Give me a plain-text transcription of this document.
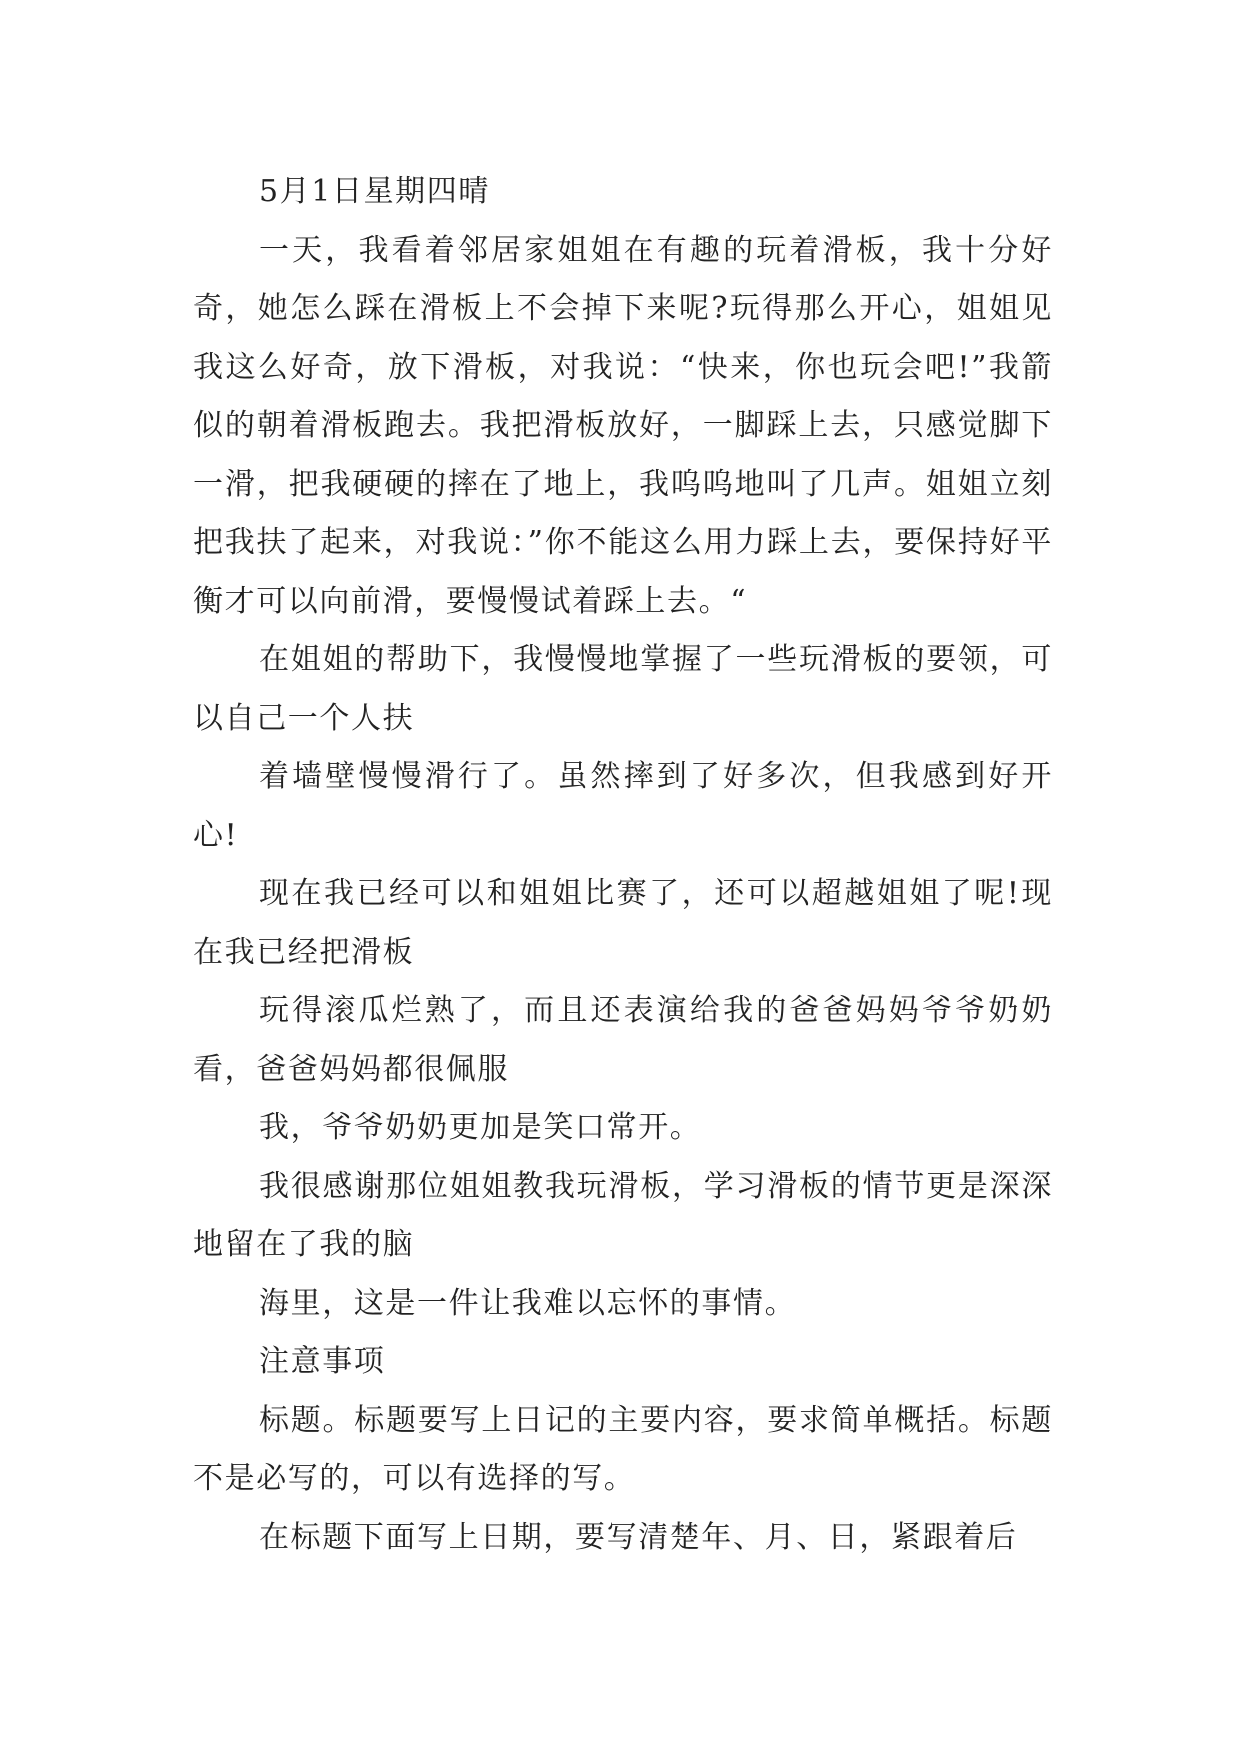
5月1日星期四晴

一天，我看着邻居家姐姐在有趣的玩着滑板，我十分好奇，她怎么踩在滑板上不会掉下来呢?玩得那么开心，姐姐见我这么好奇，放下滑板，对我说：“快来，你也玩会吧!”我箭似的朝着滑板跑去。我把滑板放好，一脚踩上去，只感觉脚下一滑，把我硬硬的摔在了地上，我呜呜地叫了几声。姐姐立刻把我扶了起来，对我说：”你不能这么用力踩上去，要保持好平衡才可以向前滑，要慢慢试着踩上去。“

在姐姐的帮助下，我慢慢地掌握了一些玩滑板的要领，可以自己一个人扶

着墙壁慢慢滑行了。虽然摔到了好多次，但我感到好开心!

现在我已经可以和姐姐比赛了，还可以超越姐姐了呢!现在我已经把滑板

玩得滚瓜烂熟了，而且还表演给我的爸爸妈妈爷爷奶奶看，爸爸妈妈都很佩服

我，爷爷奶奶更加是笑口常开。

我很感谢那位姐姐教我玩滑板，学习滑板的情节更是深深地留在了我的脑

海里，这是一件让我难以忘怀的事情。

注意事项

标题。标题要写上日记的主要内容，要求简单概括。标题不是必写的，可以有选择的写。

在标题下面写上日期，要写清楚年、月、日，紧跟着后
